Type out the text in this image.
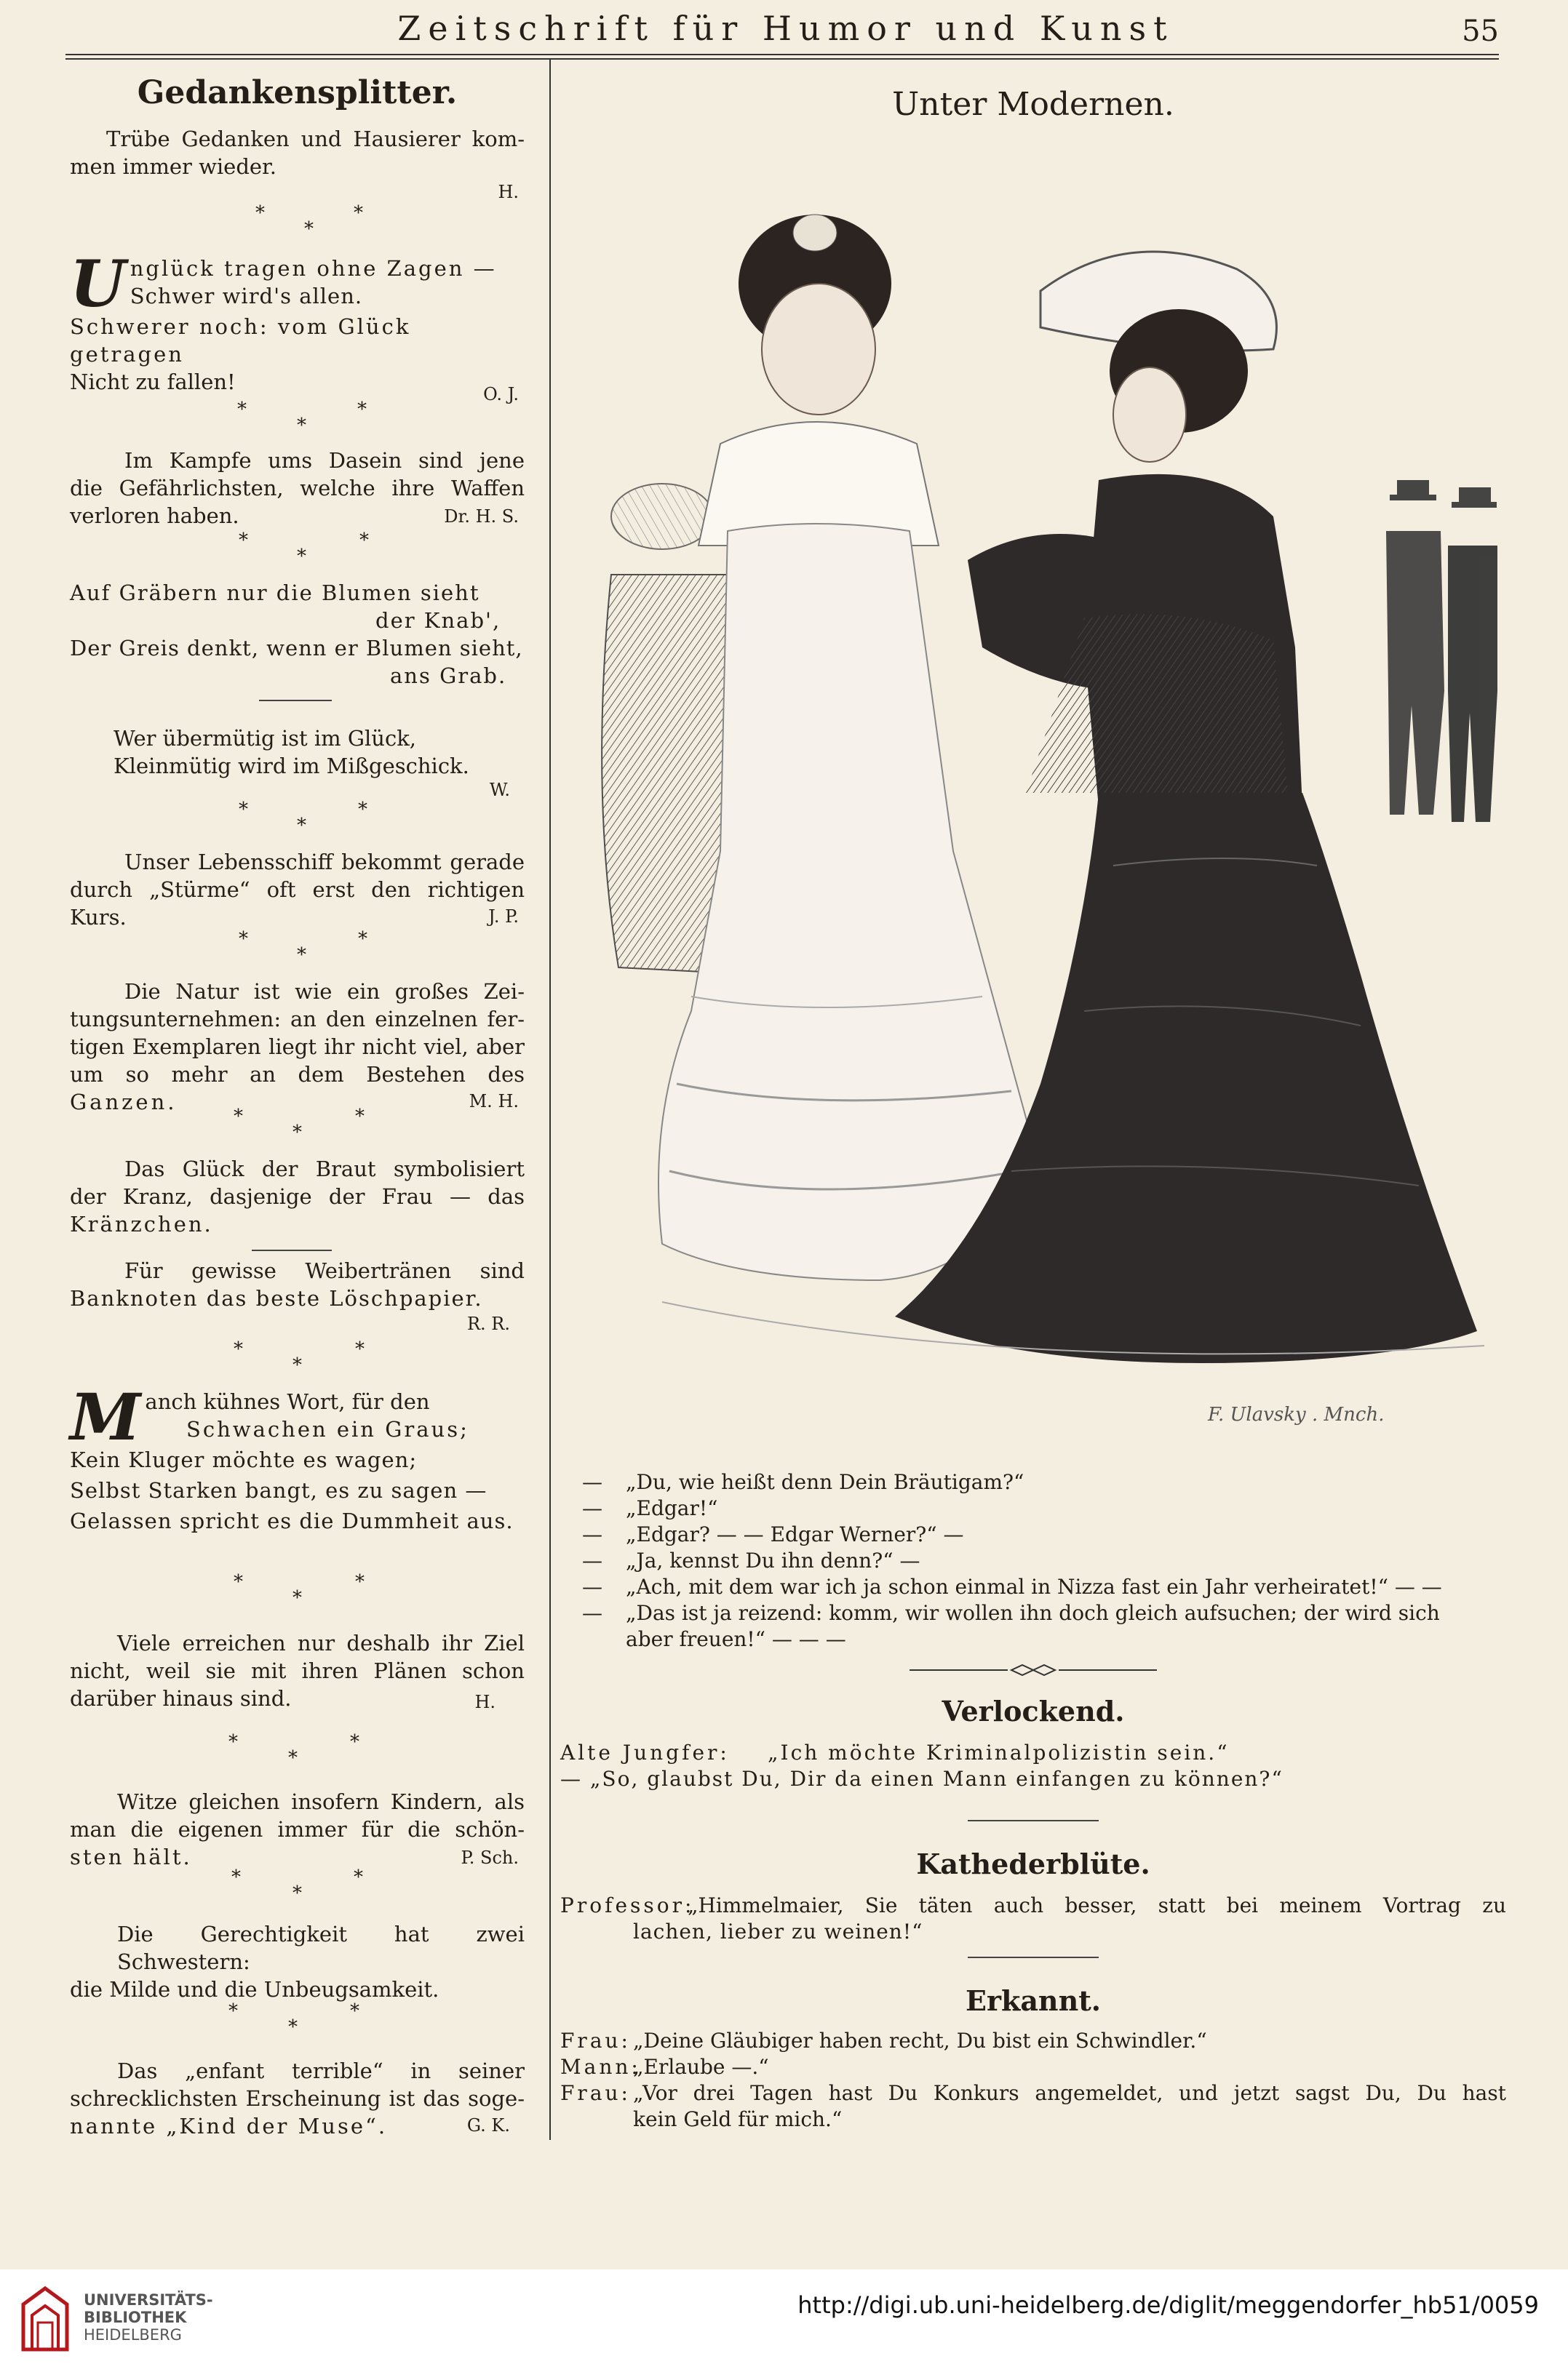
Zeitschrift für Humor und Kunst	55
Gedankensplitter.
Trübe Gedanken und Hausierer kom-
men immer wieder.
H.
*	*
*
U nglück tragen ohne Zagen —
Schwer wird's allen.
Schwerer noch: vom Glück getragen
Nicht zu fallen!	O. J.
*	*
*
Im Kampfe ums Dasein sind jene
die Gefährlichsten, welche ihre Waffen
verloren haben.	Dr. H. S.
*	*
*
Auf Gräbern nur die Blumen sieht
der Knab',
Der Greis denkt, wenn er Blumen sieht,
ans Grab.
Wer übermütig ist im Glück,
Kleinmütig wird im Mißgeschick.
W.
*	*
*
Unser Lebensschiff bekommt gerade
durch „Stürme“ oft erst den richtigen
Kurs.	J. P.
*	*
*
Die Natur ist wie ein großes Zei-
tungsunternehmen: an den einzelnen fer-
tigen Exemplaren liegt ihr nicht viel, aber
um so mehr an dem Bestehen des
Ganzen.	M. H.
*	*
*
Das Glück der Braut symbolisiert
der Kranz, dasjenige der Frau — das
Kränzchen.
Für gewisse Weibertränen sind
Banknoten das beste Löschpapier.
R. R.
*	*
*
M anch kühnes Wort, für den
Schwachen ein Graus;
Kein Kluger möchte es wagen;
Selbst Starken bangt, es zu sagen —
Gelassen spricht es die Dummheit aus.
*	*
*
Viele erreichen nur deshalb ihr Ziel
nicht, weil sie mit ihren Plänen schon
darüber hinaus sind.	H.
*	*
*
Witze gleichen insofern Kindern, als
man die eigenen immer für die schön-
sten hält.	P. Sch.
*	*
*
Die Gerechtigkeit hat zwei Schwestern:
die Milde und die Unbeugsamkeit.
*	*
*
Das „enfant terrible“ in seiner
schrecklichsten Erscheinung ist das soge-
nannte „Kind der Muse“.	G. K.
Unter Modernen.
F. Ulavsky . Mnch.
—	„Du, wie heißt denn Dein Bräutigam?“
—	„Edgar!“
—	„Edgar? — — Edgar Werner?“ —
—	„Ja, kennst Du ihn denn?“ —
—	„Ach, mit dem war ich ja schon einmal in Nizza fast ein Jahr verheiratet!“ — —
—	„Das ist ja reizend: komm, wir wollen ihn doch gleich aufsuchen; der wird sich
aber freuen!“ — — —
Verlockend.
Alte Jungfer: „Ich möchte Kriminalpolizistin sein.“
— „So, glaubst Du, Dir da einen Mann einfangen zu können?“
Kathederblüte.
Professor:
„Himmelmaier, Sie täten auch besser, statt bei meinem Vortrag zu
lachen, lieber zu weinen!“
Erkannt.
Frau: „Deine Gläubiger haben recht, Du bist ein Schwindler.“
Mann:
„Erlaube —.“
Frau: „Vor drei Tagen hast Du Konkurs angemeldet, und jetzt sagst Du, Du hast
kein Geld für mich.“
UNIVERSITÄTS-
BIBLIOTHEK
HEIDELBERG
http://digi.ub.uni-heidelberg.de/diglit/meggendorfer_hb51/0059
